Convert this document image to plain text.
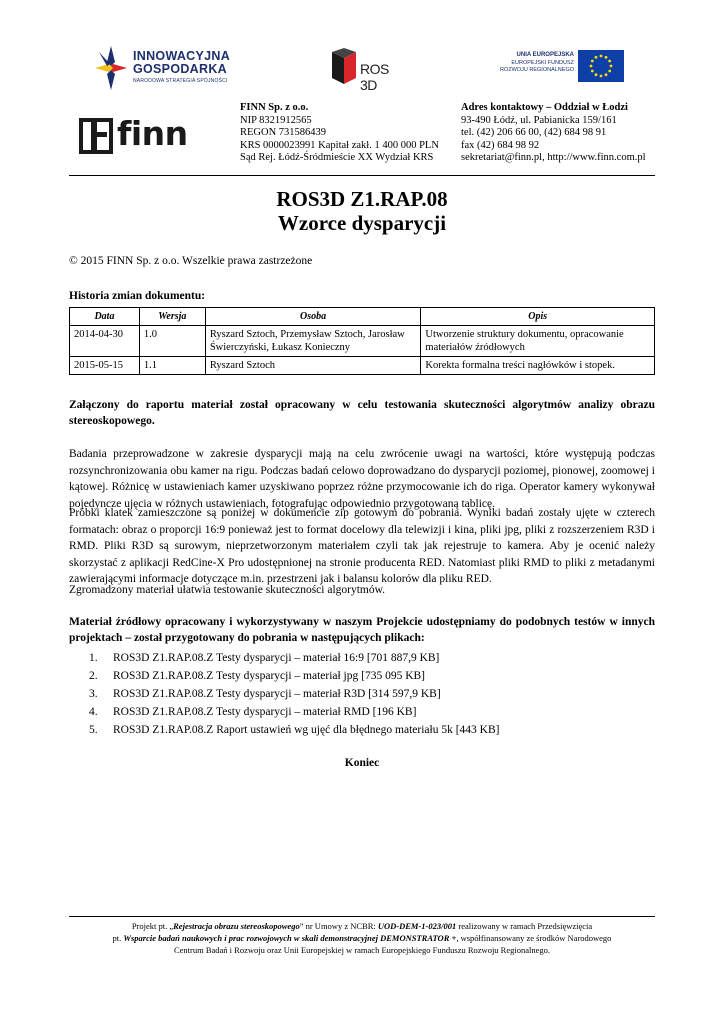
INNOWACYJNA
GOSPODARKA
NARODOWA STRATEGIA SPÓJNOŚCI
ROS 3D
UNIA EUROPEJSKA
EUROPEJSKI FUNDUSZ
ROZWOJU REGIONALNEGO
finn
FINN Sp. z o.o.
NIP 8321912565
REGON 731586439
KRS 0000023991 Kapitał zakł. 1 400 000 PLN
Sąd Rej. Łódź-Śródmieście XX Wydział KRS
Adres kontaktowy – Oddział w Łodzi
93-490 Łódź, ul. Pabianicka 159/161
tel. (42) 206 66 00, (42) 684 98 91
fax (42) 684 98 92
sekretariat@finn.pl, http://www.finn.com.pl
ROS3D Z1.RAP.08
Wzorce dysparycji
© 2015 FINN Sp. z o.o. Wszelkie prawa zastrzeżone
Historia zmian dokumentu:
Data	Wersja	Osoba	Opis
2014-04-30	1.0	Ryszard Sztoch, Przemysław Sztoch, Jarosław Świerczyński, Łukasz Konieczny	Utworzenie struktury dokumentu, opracowanie materiałów źródłowych
2015-05-15	1.1	Ryszard Sztoch	Korekta formalna treści nagłówków i stopek.
Załączony do raportu materiał został opracowany w celu testowania skuteczności algorytmów analizy obrazu stereoskopowego.
Badania przeprowadzone w zakresie dysparycji mają na celu zwrócenie uwagi na wartości, które występują podczas rozsynchronizowania obu kamer na rigu. Podczas badań celowo doprowadzano do dysparycji poziomej, pionowej, zoomowej i kątowej. Różnicę w ustawieniach kamer uzyskiwano poprzez różne przymocowanie ich do riga. Operator kamery wykonywał pojedyncze ujęcia w różnych ustawieniach, fotografując odpowiednio przygotowaną tablicę.
Próbki klatek zamieszczone są poniżej w dokumencie zip gotowym do pobrania. Wyniki badań zostały ujęte w czterech formatach: obraz o proporcji 16:9 ponieważ jest to format docelowy dla telewizji i kina, pliki jpg, pliki z rozszerzeniem R3D i RMD. Pliki R3D są surowym, nieprzetworzonym materiałem czyli tak jak rejestruje to kamera. Aby je ocenić należy skorzystać z aplikacji RedCine-X Pro udostępnionej na stronie producenta RED. Natomiast pliki RMD to pliki z metadanymi zawierającymi informacje dotyczące m.in. przestrzeni jak i balansu kolorów dla pliku RED.
Zgromadzony materiał ułatwia testowanie skuteczności algorytmów.
Materiał źródłowy opracowany i wykorzystywany w naszym Projekcie udostępniamy do podobnych testów w innych projektach – został przygotowany do pobrania w następujących plikach:
1. ROS3D Z1.RAP.08.Z Testy dysparycji – materiał 16:9 [701 887,9 KB]
2. ROS3D Z1.RAP.08.Z Testy dysparycji – materiał jpg [735 095 KB]
3. ROS3D Z1.RAP.08.Z Testy dysparycji – materiał R3D [314 597,9 KB]
4. ROS3D Z1.RAP.08.Z Testy dysparycji – materiał RMD [196 KB]
5. ROS3D Z1.RAP.08.Z Raport ustawień wg ujęć dla błędnego materiału 5k [443 KB]
Koniec
Projekt pt. „Rejestracja obrazu stereoskopowego” nr Umowy z NCBR: UOD-DEM-1-023/001 realizowany w ramach Przedsięwzięcia
pt. Wsparcie badań naukowych i prac rozwojowych w skali demonstracyjnej DEMONSTRATOR +, współfinansowany ze środków Narodowego
Centrum Badań i Rozwoju oraz Unii Europejskiej w ramach Europejskiego Funduszu Rozwoju Regionalnego.
